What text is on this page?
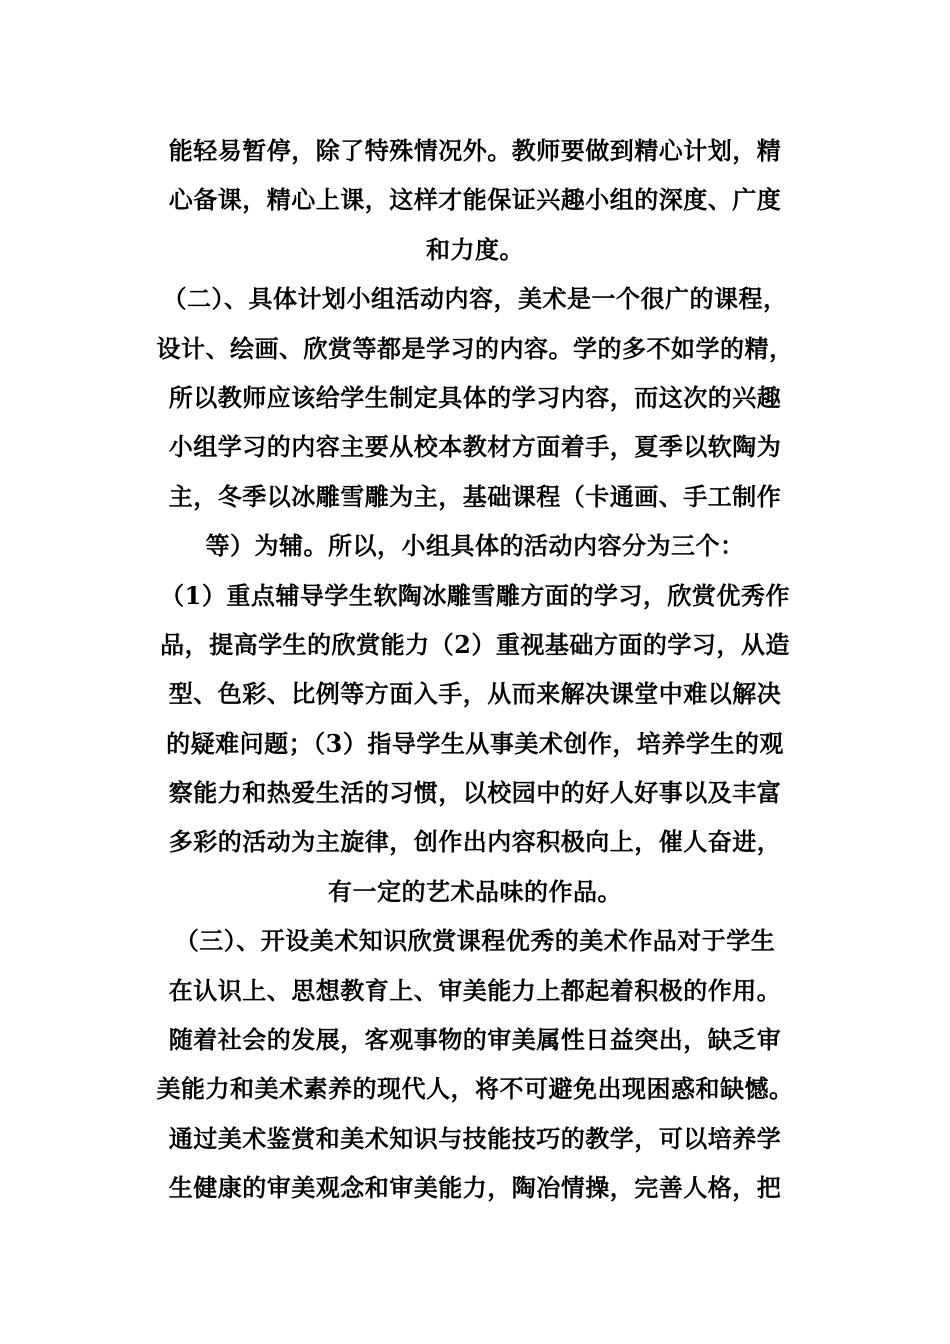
能轻易暂停，除了特殊情况外。教师要做到精心计划，精
心备课，精心上课，这样才能保证兴趣小组的深度、广度
和力度。
（二）、具体计划小组活动内容，美术是一个很广的课程，
设计、绘画、欣赏等都是学习的内容。学的多不如学的精，
所以教师应该给学生制定具体的学习内容，而这次的兴趣
小组学习的内容主要从校本教材方面着手，夏季以软陶为
主，冬季以冰雕雪雕为主，基础课程（卡通画、手工制作
等）为辅。所以，小组具体的活动内容分为三个：
（1）重点辅导学生软陶冰雕雪雕方面的学习，欣赏优秀作
品，提高学生的欣赏能力（2）重视基础方面的学习，从造
型、色彩、比例等方面入手，从而来解决课堂中难以解决
的疑难问题；（3）指导学生从事美术创作，培养学生的观
察能力和热爱生活的习惯，以校园中的好人好事以及丰富
多彩的活动为主旋律，创作出内容积极向上，催人奋进，
有一定的艺术品味的作品。
（三）、开设美术知识欣赏课程优秀的美术作品对于学生
在认识上、思想教育上、审美能力上都起着积极的作用。
随着社会的发展，客观事物的审美属性日益突出，缺乏审
美能力和美术素养的现代人，将不可避免出现困惑和缺憾。
通过美术鉴赏和美术知识与技能技巧的教学，可以培养学
生健康的审美观念和审美能力，陶冶情操，完善人格，把
